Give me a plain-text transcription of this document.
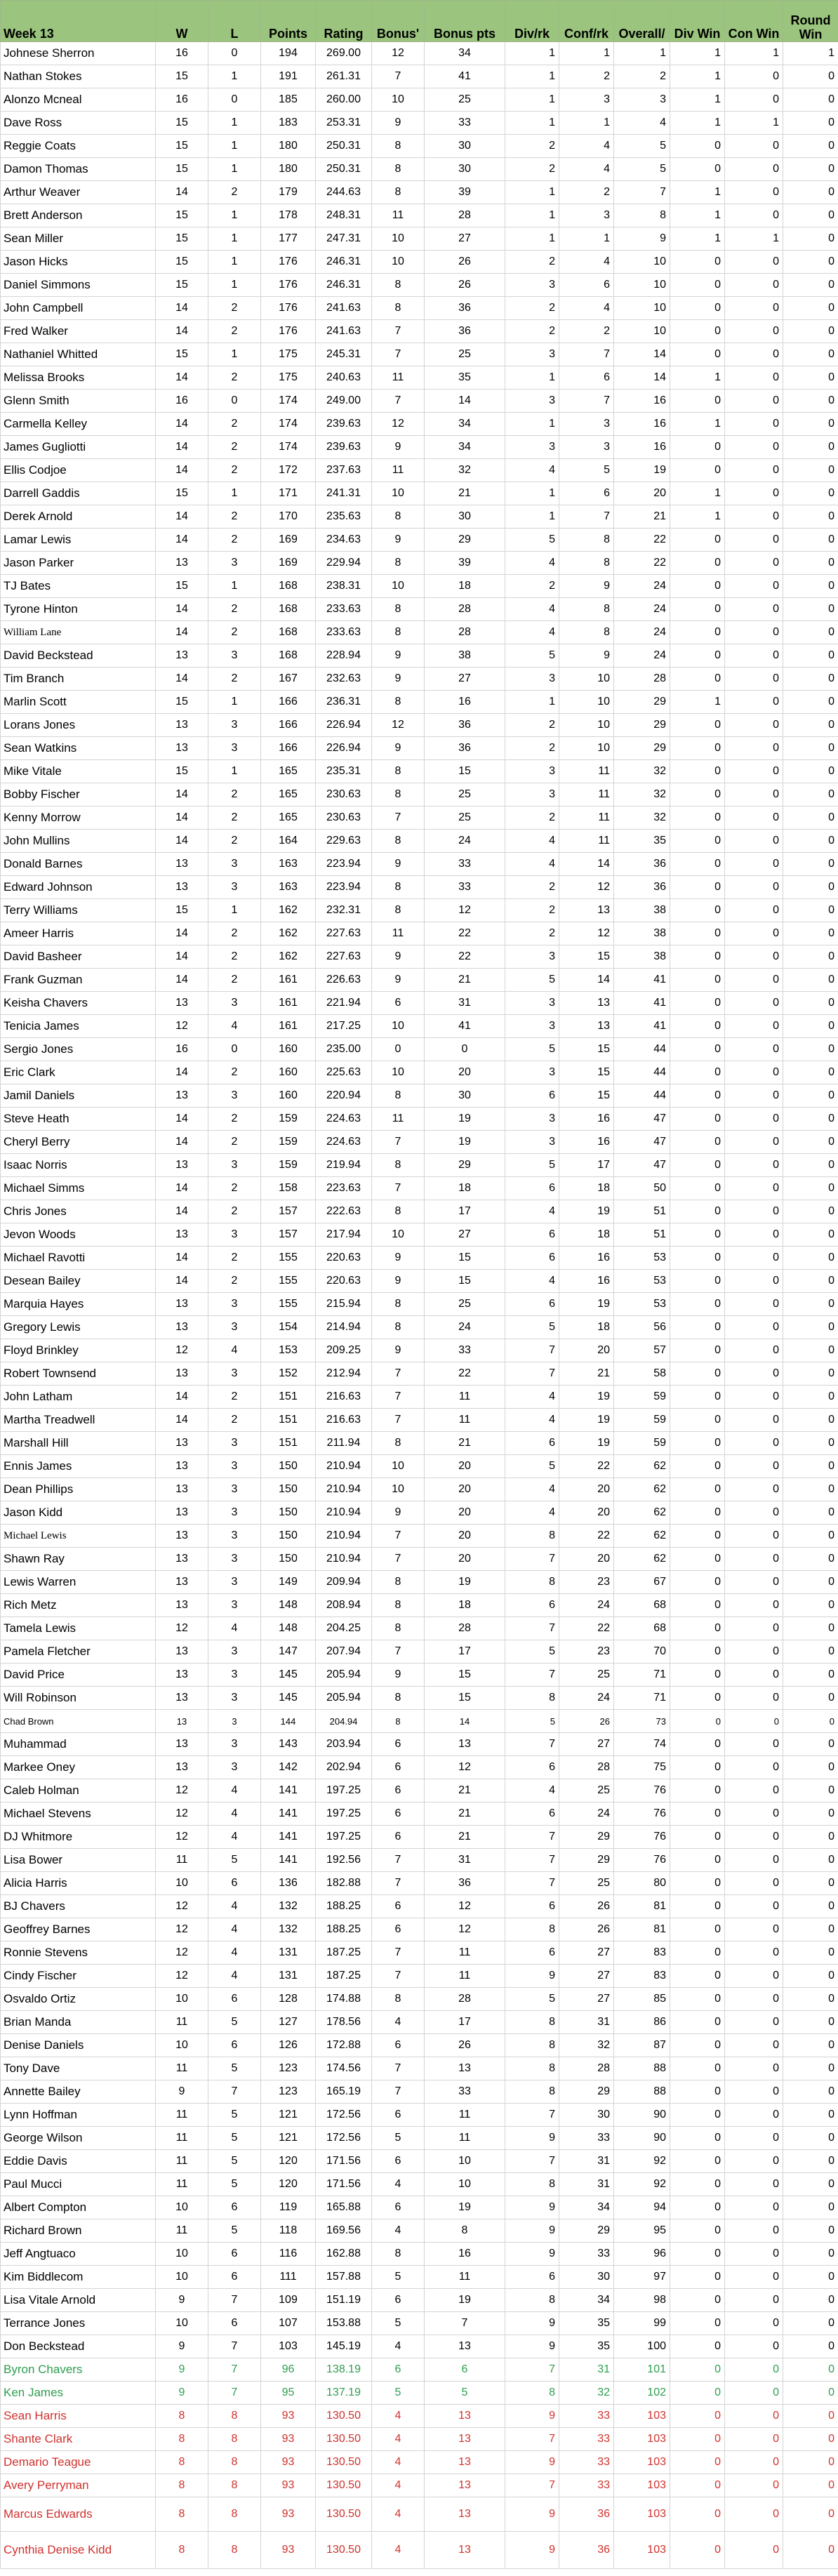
Week 13	W	L	Points	Rating	Bonus'	Bonus pts	Div/rk	Conf/rk	Overall/	Div Win	Con Win	Round Win
Johnese Sherron	16	0	194	269.00	12	34	1	1	1	1	1	1
Nathan Stokes	15	1	191	261.31	7	41	1	2	2	1	0	0
Alonzo Mcneal	16	0	185	260.00	10	25	1	3	3	1	0	0
Dave Ross	15	1	183	253.31	9	33	1	1	4	1	1	0
Reggie Coats	15	1	180	250.31	8	30	2	4	5	0	0	0
Damon Thomas	15	1	180	250.31	8	30	2	4	5	0	0	0
Arthur Weaver	14	2	179	244.63	8	39	1	2	7	1	0	0
Brett Anderson	15	1	178	248.31	11	28	1	3	8	1	0	0
Sean Miller	15	1	177	247.31	10	27	1	1	9	1	1	0
Jason Hicks	15	1	176	246.31	10	26	2	4	10	0	0	0
Daniel Simmons	15	1	176	246.31	8	26	3	6	10	0	0	0
John Campbell	14	2	176	241.63	8	36	2	4	10	0	0	0
Fred Walker	14	2	176	241.63	7	36	2	2	10	0	0	0
Nathaniel Whitted	15	1	175	245.31	7	25	3	7	14	0	0	0
Melissa Brooks	14	2	175	240.63	11	35	1	6	14	1	0	0
Glenn Smith	16	0	174	249.00	7	14	3	7	16	0	0	0
Carmella Kelley	14	2	174	239.63	12	34	1	3	16	1	0	0
James Gugliotti	14	2	174	239.63	9	34	3	3	16	0	0	0
Ellis Codjoe	14	2	172	237.63	11	32	4	5	19	0	0	0
Darrell Gaddis	15	1	171	241.31	10	21	1	6	20	1	0	0
Derek Arnold	14	2	170	235.63	8	30	1	7	21	1	0	0
Lamar Lewis	14	2	169	234.63	9	29	5	8	22	0	0	0
Jason Parker	13	3	169	229.94	8	39	4	8	22	0	0	0
TJ Bates	15	1	168	238.31	10	18	2	9	24	0	0	0
Tyrone Hinton	14	2	168	233.63	8	28	4	8	24	0	0	0
William Lane	14	2	168	233.63	8	28	4	8	24	0	0	0
David Beckstead	13	3	168	228.94	9	38	5	9	24	0	0	0
Tim Branch	14	2	167	232.63	9	27	3	10	28	0	0	0
Marlin Scott	15	1	166	236.31	8	16	1	10	29	1	0	0
Lorans Jones	13	3	166	226.94	12	36	2	10	29	0	0	0
Sean Watkins	13	3	166	226.94	9	36	2	10	29	0	0	0
Mike Vitale	15	1	165	235.31	8	15	3	11	32	0	0	0
Bobby Fischer	14	2	165	230.63	8	25	3	11	32	0	0	0
Kenny Morrow	14	2	165	230.63	7	25	2	11	32	0	0	0
John Mullins	14	2	164	229.63	8	24	4	11	35	0	0	0
Donald Barnes	13	3	163	223.94	9	33	4	14	36	0	0	0
Edward Johnson	13	3	163	223.94	8	33	2	12	36	0	0	0
Terry Williams	15	1	162	232.31	8	12	2	13	38	0	0	0
Ameer Harris	14	2	162	227.63	11	22	2	12	38	0	0	0
David Basheer	14	2	162	227.63	9	22	3	15	38	0	0	0
Frank Guzman	14	2	161	226.63	9	21	5	14	41	0	0	0
Keisha Chavers	13	3	161	221.94	6	31	3	13	41	0	0	0
Tenicia James	12	4	161	217.25	10	41	3	13	41	0	0	0
Sergio Jones	16	0	160	235.00	0	0	5	15	44	0	0	0
Eric Clark	14	2	160	225.63	10	20	3	15	44	0	0	0
Jamil Daniels	13	3	160	220.94	8	30	6	15	44	0	0	0
Steve Heath	14	2	159	224.63	11	19	3	16	47	0	0	0
Cheryl Berry	14	2	159	224.63	7	19	3	16	47	0	0	0
Isaac Norris	13	3	159	219.94	8	29	5	17	47	0	0	0
Michael Simms	14	2	158	223.63	7	18	6	18	50	0	0	0
Chris Jones	14	2	157	222.63	8	17	4	19	51	0	0	0
Jevon Woods	13	3	157	217.94	10	27	6	18	51	0	0	0
Michael Ravotti	14	2	155	220.63	9	15	6	16	53	0	0	0
Desean Bailey	14	2	155	220.63	9	15	4	16	53	0	0	0
Marquia Hayes	13	3	155	215.94	8	25	6	19	53	0	0	0
Gregory Lewis	13	3	154	214.94	8	24	5	18	56	0	0	0
Floyd Brinkley	12	4	153	209.25	9	33	7	20	57	0	0	0
Robert Townsend	13	3	152	212.94	7	22	7	21	58	0	0	0
John Latham	14	2	151	216.63	7	11	4	19	59	0	0	0
Martha Treadwell	14	2	151	216.63	7	11	4	19	59	0	0	0
Marshall Hill	13	3	151	211.94	8	21	6	19	59	0	0	0
Ennis James	13	3	150	210.94	10	20	5	22	62	0	0	0
Dean Phillips	13	3	150	210.94	10	20	4	20	62	0	0	0
Jason Kidd	13	3	150	210.94	9	20	4	20	62	0	0	0
Michael Lewis	13	3	150	210.94	7	20	8	22	62	0	0	0
Shawn Ray	13	3	150	210.94	7	20	7	20	62	0	0	0
Lewis Warren	13	3	149	209.94	8	19	8	23	67	0	0	0
Rich Metz	13	3	148	208.94	8	18	6	24	68	0	0	0
Tamela Lewis	12	4	148	204.25	8	28	7	22	68	0	0	0
Pamela Fletcher	13	3	147	207.94	7	17	5	23	70	0	0	0
David Price	13	3	145	205.94	9	15	7	25	71	0	0	0
Will Robinson	13	3	145	205.94	8	15	8	24	71	0	0	0
Chad Brown	13	3	144	204.94	8	14	5	26	73	0	0	0
Muhammad	13	3	143	203.94	6	13	7	27	74	0	0	0
Markee Oney	13	3	142	202.94	6	12	6	28	75	0	0	0
Caleb Holman	12	4	141	197.25	6	21	4	25	76	0	0	0
Michael Stevens	12	4	141	197.25	6	21	6	24	76	0	0	0
DJ Whitmore	12	4	141	197.25	6	21	7	29	76	0	0	0
Lisa Bower	11	5	141	192.56	7	31	7	29	76	0	0	0
Alicia Harris	10	6	136	182.88	7	36	7	25	80	0	0	0
BJ Chavers	12	4	132	188.25	6	12	6	26	81	0	0	0
Geoffrey Barnes	12	4	132	188.25	6	12	8	26	81	0	0	0
Ronnie Stevens	12	4	131	187.25	7	11	6	27	83	0	0	0
Cindy Fischer	12	4	131	187.25	7	11	9	27	83	0	0	0
Osvaldo Ortiz	10	6	128	174.88	8	28	5	27	85	0	0	0
Brian Manda	11	5	127	178.56	4	17	8	31	86	0	0	0
Denise Daniels	10	6	126	172.88	6	26	8	32	87	0	0	0
Tony Dave	11	5	123	174.56	7	13	8	28	88	0	0	0
Annette Bailey	9	7	123	165.19	7	33	8	29	88	0	0	0
Lynn Hoffman	11	5	121	172.56	6	11	7	30	90	0	0	0
George Wilson	11	5	121	172.56	5	11	9	33	90	0	0	0
Eddie Davis	11	5	120	171.56	6	10	7	31	92	0	0	0
Paul Mucci	11	5	120	171.56	4	10	8	31	92	0	0	0
Albert Compton	10	6	119	165.88	6	19	9	34	94	0	0	0
Richard Brown	11	5	118	169.56	4	8	9	29	95	0	0	0
Jeff Angtuaco	10	6	116	162.88	8	16	9	33	96	0	0	0
Kim Biddlecom	10	6	111	157.88	5	11	6	30	97	0	0	0
Lisa Vitale Arnold	9	7	109	151.19	6	19	8	34	98	0	0	0
Terrance Jones	10	6	107	153.88	5	7	9	35	99	0	0	0
Don Beckstead	9	7	103	145.19	4	13	9	35	100	0	0	0
Byron Chavers	9	7	96	138.19	6	6	7	31	101	0	0	0
Ken James	9	7	95	137.19	5	5	8	32	102	0	0	0
Sean Harris	8	8	93	130.50	4	13	9	33	103	0	0	0
Shante Clark	8	8	93	130.50	4	13	7	33	103	0	0	0
Demario Teague	8	8	93	130.50	4	13	9	33	103	0	0	0
Avery Perryman	8	8	93	130.50	4	13	7	33	103	0	0	0
Marcus Edwards	8	8	93	130.50	4	13	9	36	103	0	0	0
Cynthia Denise Kidd	8	8	93	130.50	4	13	9	36	103	0	0	0
